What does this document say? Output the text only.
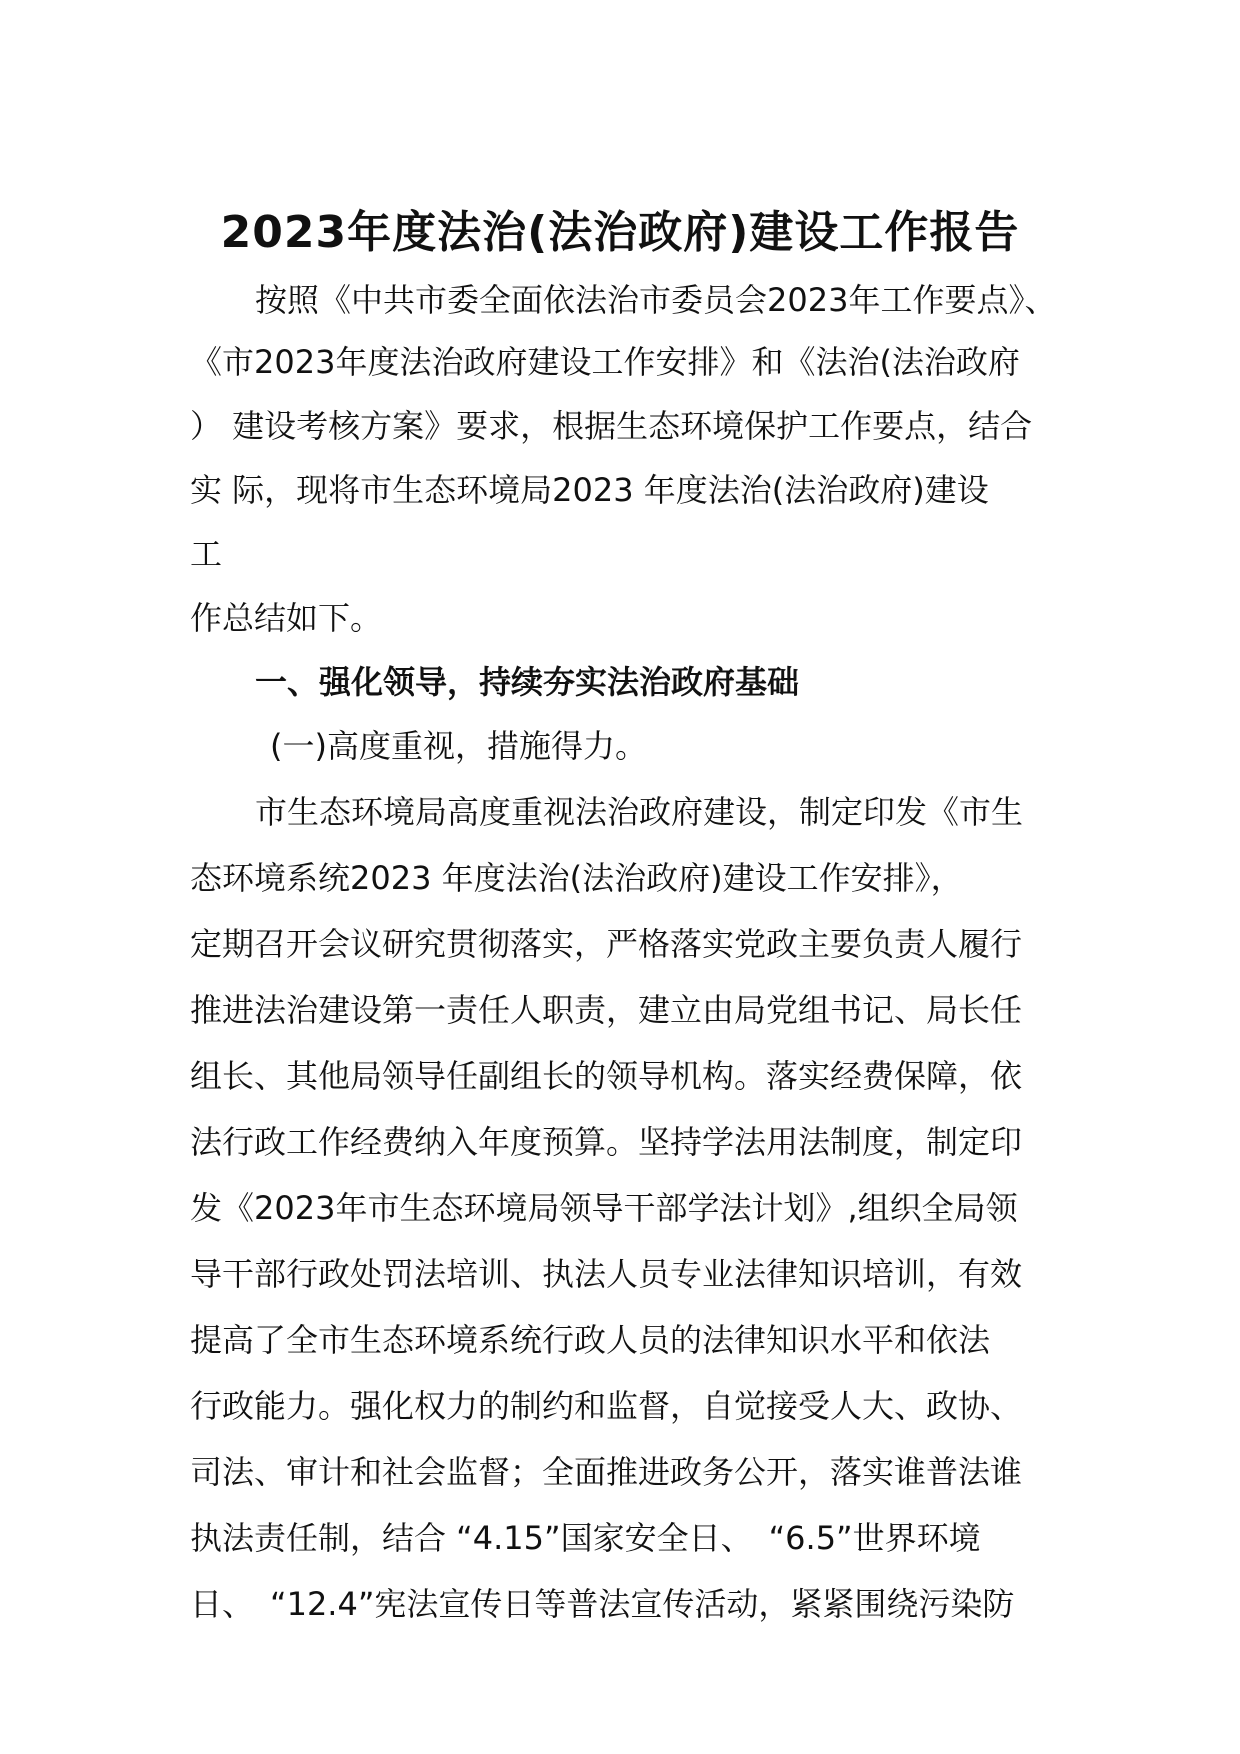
2023年度法治(法治政府)建设工作报告
按照《中共市委全面依法治市委员会2023年工作要点》、
《市2023年度法治政府建设工作安排》和《法治(法治政府
） 建设考核方案》要求，根据生态环境保护工作要点，结合
实 际，现将市生态环境局2023 年度法治(法治政府)建设
工
作总结如下。
一、强化领导，持续夯实法治政府基础
(一)高度重视，措施得力。
市生态环境局高度重视法治政府建设，制定印发《市生
态环境系统2023 年度法治(法治政府)建设工作安排》，
定期召开会议研究贯彻落实，严格落实党政主要负责人履行
推进法治建设第一责任人职责，建立由局党组书记、局长任
组长、其他局领导任副组长的领导机构。落实经费保障，依
法行政工作经费纳入年度预算。坚持学法用法制度，制定印
发《2023年市生态环境局领导干部学法计划》,组织全局领
导干部行政处罚法培训、执法人员专业法律知识培训，有效
提高了全市生态环境系统行政人员的法律知识水平和依法
行政能力。强化权力的制约和监督，自觉接受人大、政协、
司法、审计和社会监督；全面推进政务公开，落实谁普法谁
执法责任制，结合 “4.15”国家安全日、　“6.5”世界环境
日、　“12.4”宪法宣传日等普法宣传活动，紧紧围绕污染防
